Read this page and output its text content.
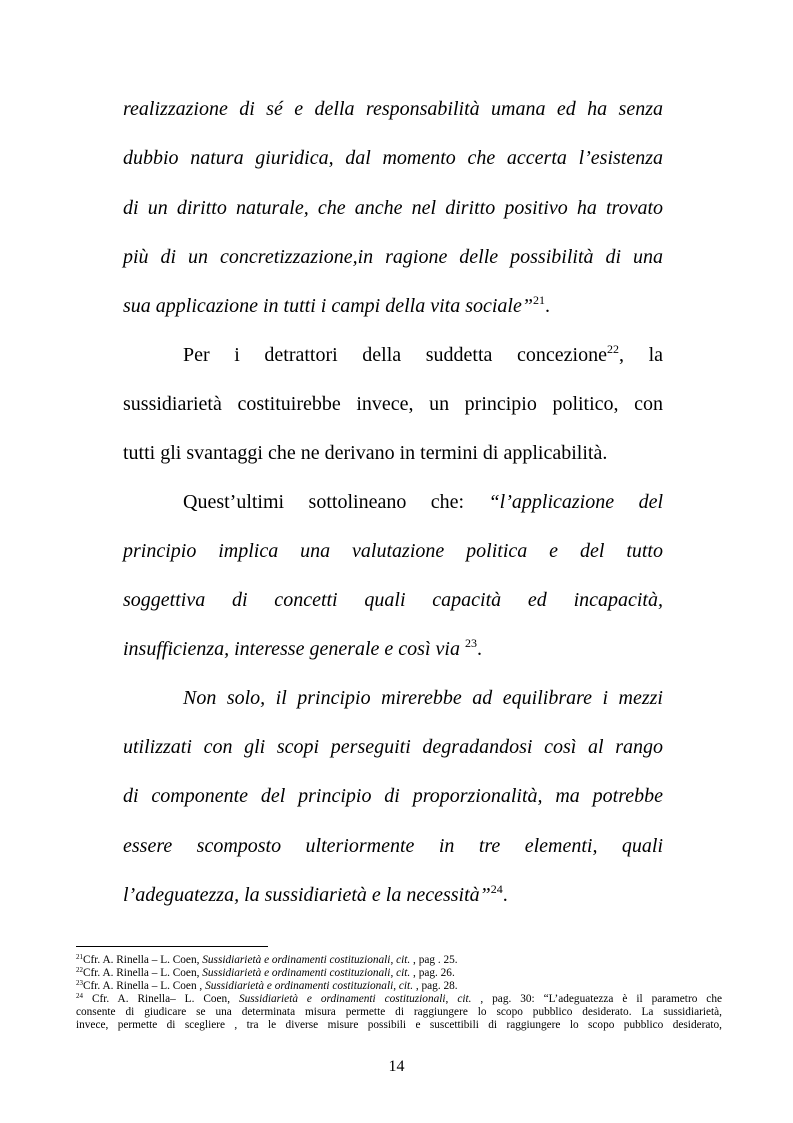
realizzazione di sé e della responsabilità umana ed ha senza
dubbio natura giuridica, dal momento che accerta l’esistenza
di un diritto naturale, che anche nel diritto positivo ha trovato
più di un concretizzazione,in ragione delle possibilità di una
sua applicazione in tutti i campi della vita sociale”$^{21}$.
Per i detrattori della suddetta concezione$^{22}$, la
sussidiarietà costituirebbe invece, un principio politico, con
tutti gli svantaggi che ne derivano in termini di applicabilità.
Quest’ultimi sottolineano che: “l’applicazione del
principio implica una valutazione politica e del tutto
soggettiva di concetti quali capacità ed incapacità,
insufficienza, interesse generale e così via $^{23}$.
Non solo, il principio mirerebbe ad equilibrare i mezzi
utilizzati con gli scopi perseguiti degradandosi così al rango
di componente del principio di proporzionalità, ma potrebbe
essere scomposto ulteriormente in tre elementi, quali
l’adeguatezza, la sussidiarietà e la necessità”$^{24}$.
$^{21}$Cfr. A. Rinella – L. Coen, Sussidiarietà e ordinamenti costituzionali, cit. , pag . 25.
$^{22}$Cfr. A. Rinella – L. Coen, Sussidiarietà e ordinamenti costituzionali, cit. , pag. 26.
$^{23}$Cfr. A. Rinella – L. Coen , Sussidiarietà e ordinamenti costituzionali, cit. , pag. 28.
$^{24}$ Cfr. A. Rinella– L. Coen, Sussidiarietà e ordinamenti costituzionali, cit. , pag. 30: “L’adeguatezza è il parametro che
consente di giudicare se una determinata misura permette di raggiungere lo scopo pubblico desiderato. La sussidiarietà,
invece, permette di scegliere , tra le diverse misure possibili e suscettibili di raggiungere lo scopo pubblico desiderato,
14
